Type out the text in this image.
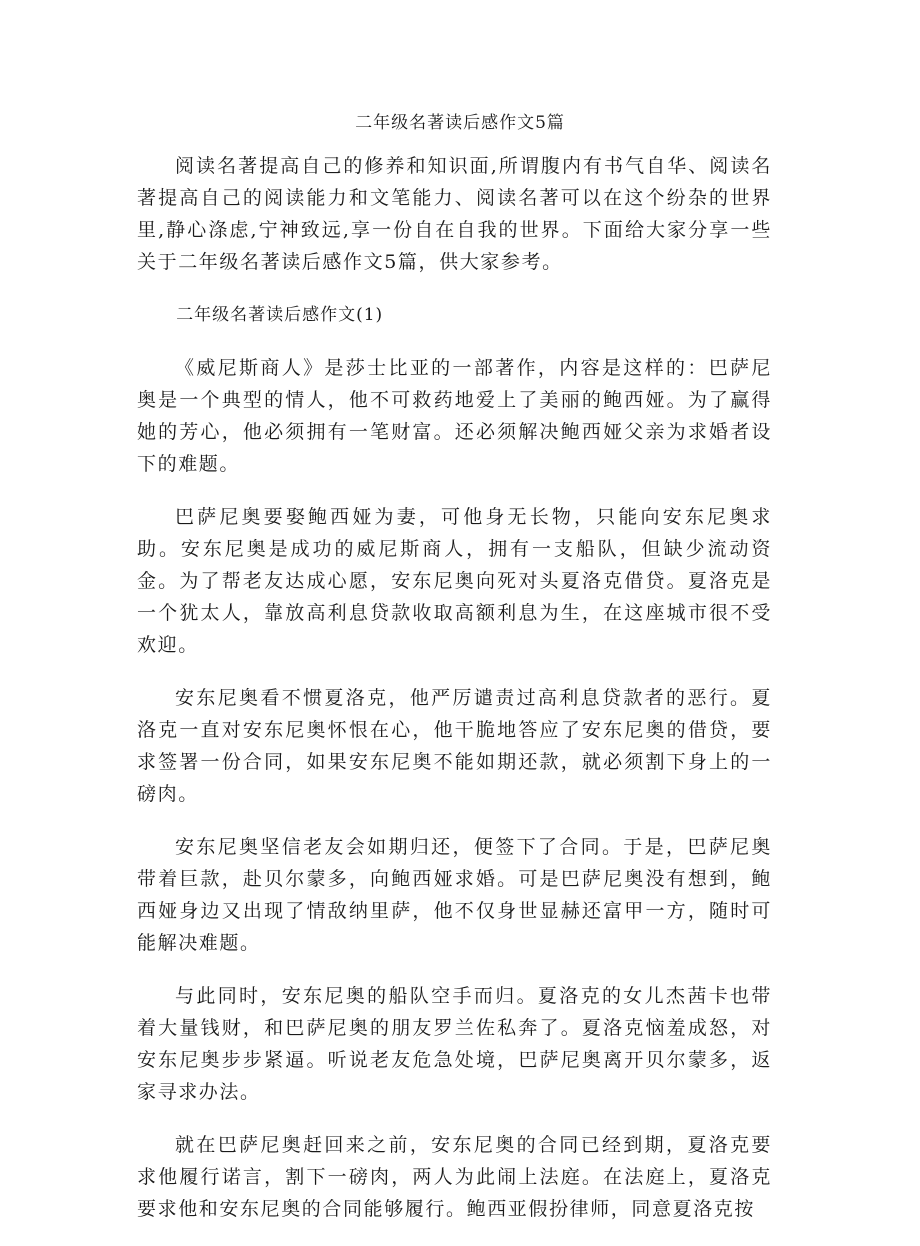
二年级名著读后感作文5篇

阅读名著提高自己的修养和知识面,所谓腹内有书气自华、阅读名著提高自己的阅读能力和文笔能力、阅读名著可以在这个纷杂的世界里,静心涤虑,宁神致远,享一份自在自我的世界。下面给大家分享一些关于二年级名著读后感作文5篇，供大家参考。

二年级名著读后感作文(1)

《威尼斯商人》是莎士比亚的一部著作，内容是这样的：巴萨尼奥是一个典型的情人，他不可救药地爱上了美丽的鲍西娅。为了赢得她的芳心，他必须拥有一笔财富。还必须解决鲍西娅父亲为求婚者设下的难题。

巴萨尼奥要娶鲍西娅为妻，可他身无长物，只能向安东尼奥求助。安东尼奥是成功的威尼斯商人，拥有一支船队，但缺少流动资金。为了帮老友达成心愿，安东尼奥向死对头夏洛克借贷。夏洛克是一个犹太人，靠放高利息贷款收取高额利息为生，在这座城市很不受欢迎。

安东尼奥看不惯夏洛克，他严厉谴责过高利息贷款者的恶行。夏洛克一直对安东尼奥怀恨在心，他干脆地答应了安东尼奥的借贷，要求签署一份合同，如果安东尼奥不能如期还款，就必须割下身上的一磅肉。

安东尼奥坚信老友会如期归还，便签下了合同。于是，巴萨尼奥带着巨款，赴贝尔蒙多，向鲍西娅求婚。可是巴萨尼奥没有想到，鲍西娅身边又出现了情敌纳里萨，他不仅身世显赫还富甲一方，随时可能解决难题。

与此同时，安东尼奥的船队空手而归。夏洛克的女儿杰茜卡也带着大量钱财，和巴萨尼奥的朋友罗兰佐私奔了。夏洛克恼羞成怒，对安东尼奥步步紧逼。听说老友危急处境，巴萨尼奥离开贝尔蒙多，返家寻求办法。

就在巴萨尼奥赶回来之前，安东尼奥的合同已经到期，夏洛克要求他履行诺言，割下一磅肉，两人为此闹上法庭。在法庭上，夏洛克要求他和安东尼奥的合同能够履行。鲍西亚假扮律师，同意夏洛克按
